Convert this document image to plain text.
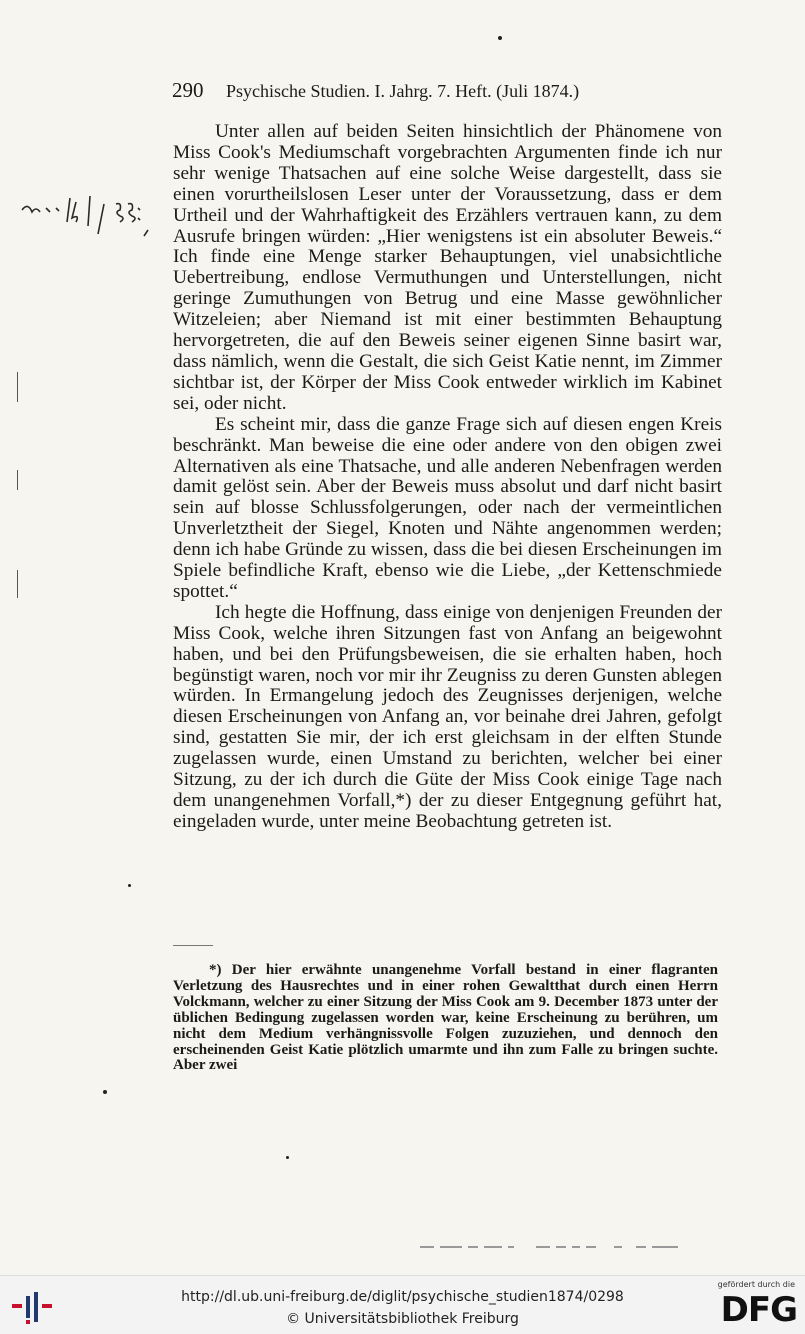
290 Psychische Studien. I. Jahrg. 7. Heft. (Juli 1874.)

Unter allen auf beiden Seiten hinsichtlich der Phänomene von Miss Cook's Mediumschaft vorgebrachten Argumenten finde ich nur sehr wenige Thatsachen auf eine solche Weise dargestellt, dass sie einen vorurtheilslosen Leser unter der Voraussetzung, dass er dem Urtheil und der Wahrhaftigkeit des Erzählers vertrauen kann, zu dem Ausrufe bringen würden: „Hier wenigstens ist ein absoluter Beweis.“ Ich finde eine Menge starker Behauptungen, viel unabsichtliche Uebertreibung, endlose Vermuthungen und Unterstellungen, nicht geringe Zumuthungen von Betrug und eine Masse gewöhnlicher Witzeleien; aber Niemand ist mit einer bestimmten Behauptung hervorgetreten, die auf den Beweis seiner eigenen Sinne basirt war, dass nämlich, wenn die Gestalt, die sich Geist Katie nennt, im Zimmer sichtbar ist, der Körper der Miss Cook entweder wirklich im Kabinet sei, oder nicht.

Es scheint mir, dass die ganze Frage sich auf diesen engen Kreis beschränkt. Man beweise die eine oder andere von den obigen zwei Alternativen als eine Thatsache, und alle anderen Nebenfragen werden damit gelöst sein. Aber der Beweis muss absolut und darf nicht basirt sein auf blosse Schlussfolgerungen, oder nach der vermeintlichen Unverletztheit der Siegel, Knoten und Nähte angenommen werden; denn ich habe Gründe zu wissen, dass die bei diesen Erscheinungen im Spiele befindliche Kraft, ebenso wie die Liebe, „der Kettenschmiede spottet.“

Ich hegte die Hoffnung, dass einige von denjenigen Freunden der Miss Cook, welche ihren Sitzungen fast von Anfang an beigewohnt haben, und bei den Prüfungsbeweisen, die sie erhalten haben, hoch begünstigt waren, noch vor mir ihr Zeugniss zu deren Gunsten ablegen würden. In Ermangelung jedoch des Zeugnisses derjenigen, welche diesen Erscheinungen von Anfang an, vor beinahe drei Jahren, gefolgt sind, gestatten Sie mir, der ich erst gleichsam in der elften Stunde zugelassen wurde, einen Umstand zu berichten, welcher bei einer Sitzung, zu der ich durch die Güte der Miss Cook einige Tage nach dem unangenehmen Vorfall,*) der zu dieser Entgegnung geführt hat, eingeladen wurde, unter meine Beobachtung getreten ist.

*) Der hier erwähnte unangenehme Vorfall bestand in einer flagranten Verletzung des Hausrechtes und in einer rohen Gewaltthat durch einen Herrn Volckmann, welcher zu einer Sitzung der Miss Cook am 9. December 1873 unter der üblichen Bedingung zugelassen worden war, keine Erscheinung zu berühren, um nicht dem Medium verhängnissvolle Folgen zuzuziehen, und dennoch den erscheinenden Geist Katie plötzlich umarmte und ihn zum Falle zu bringen suchte. Aber zwei

http://dl.ub.uni-freiburg.de/diglit/psychische_studien1874/0298
© Universitätsbibliothek Freiburg
gefördert durch die
DFG
